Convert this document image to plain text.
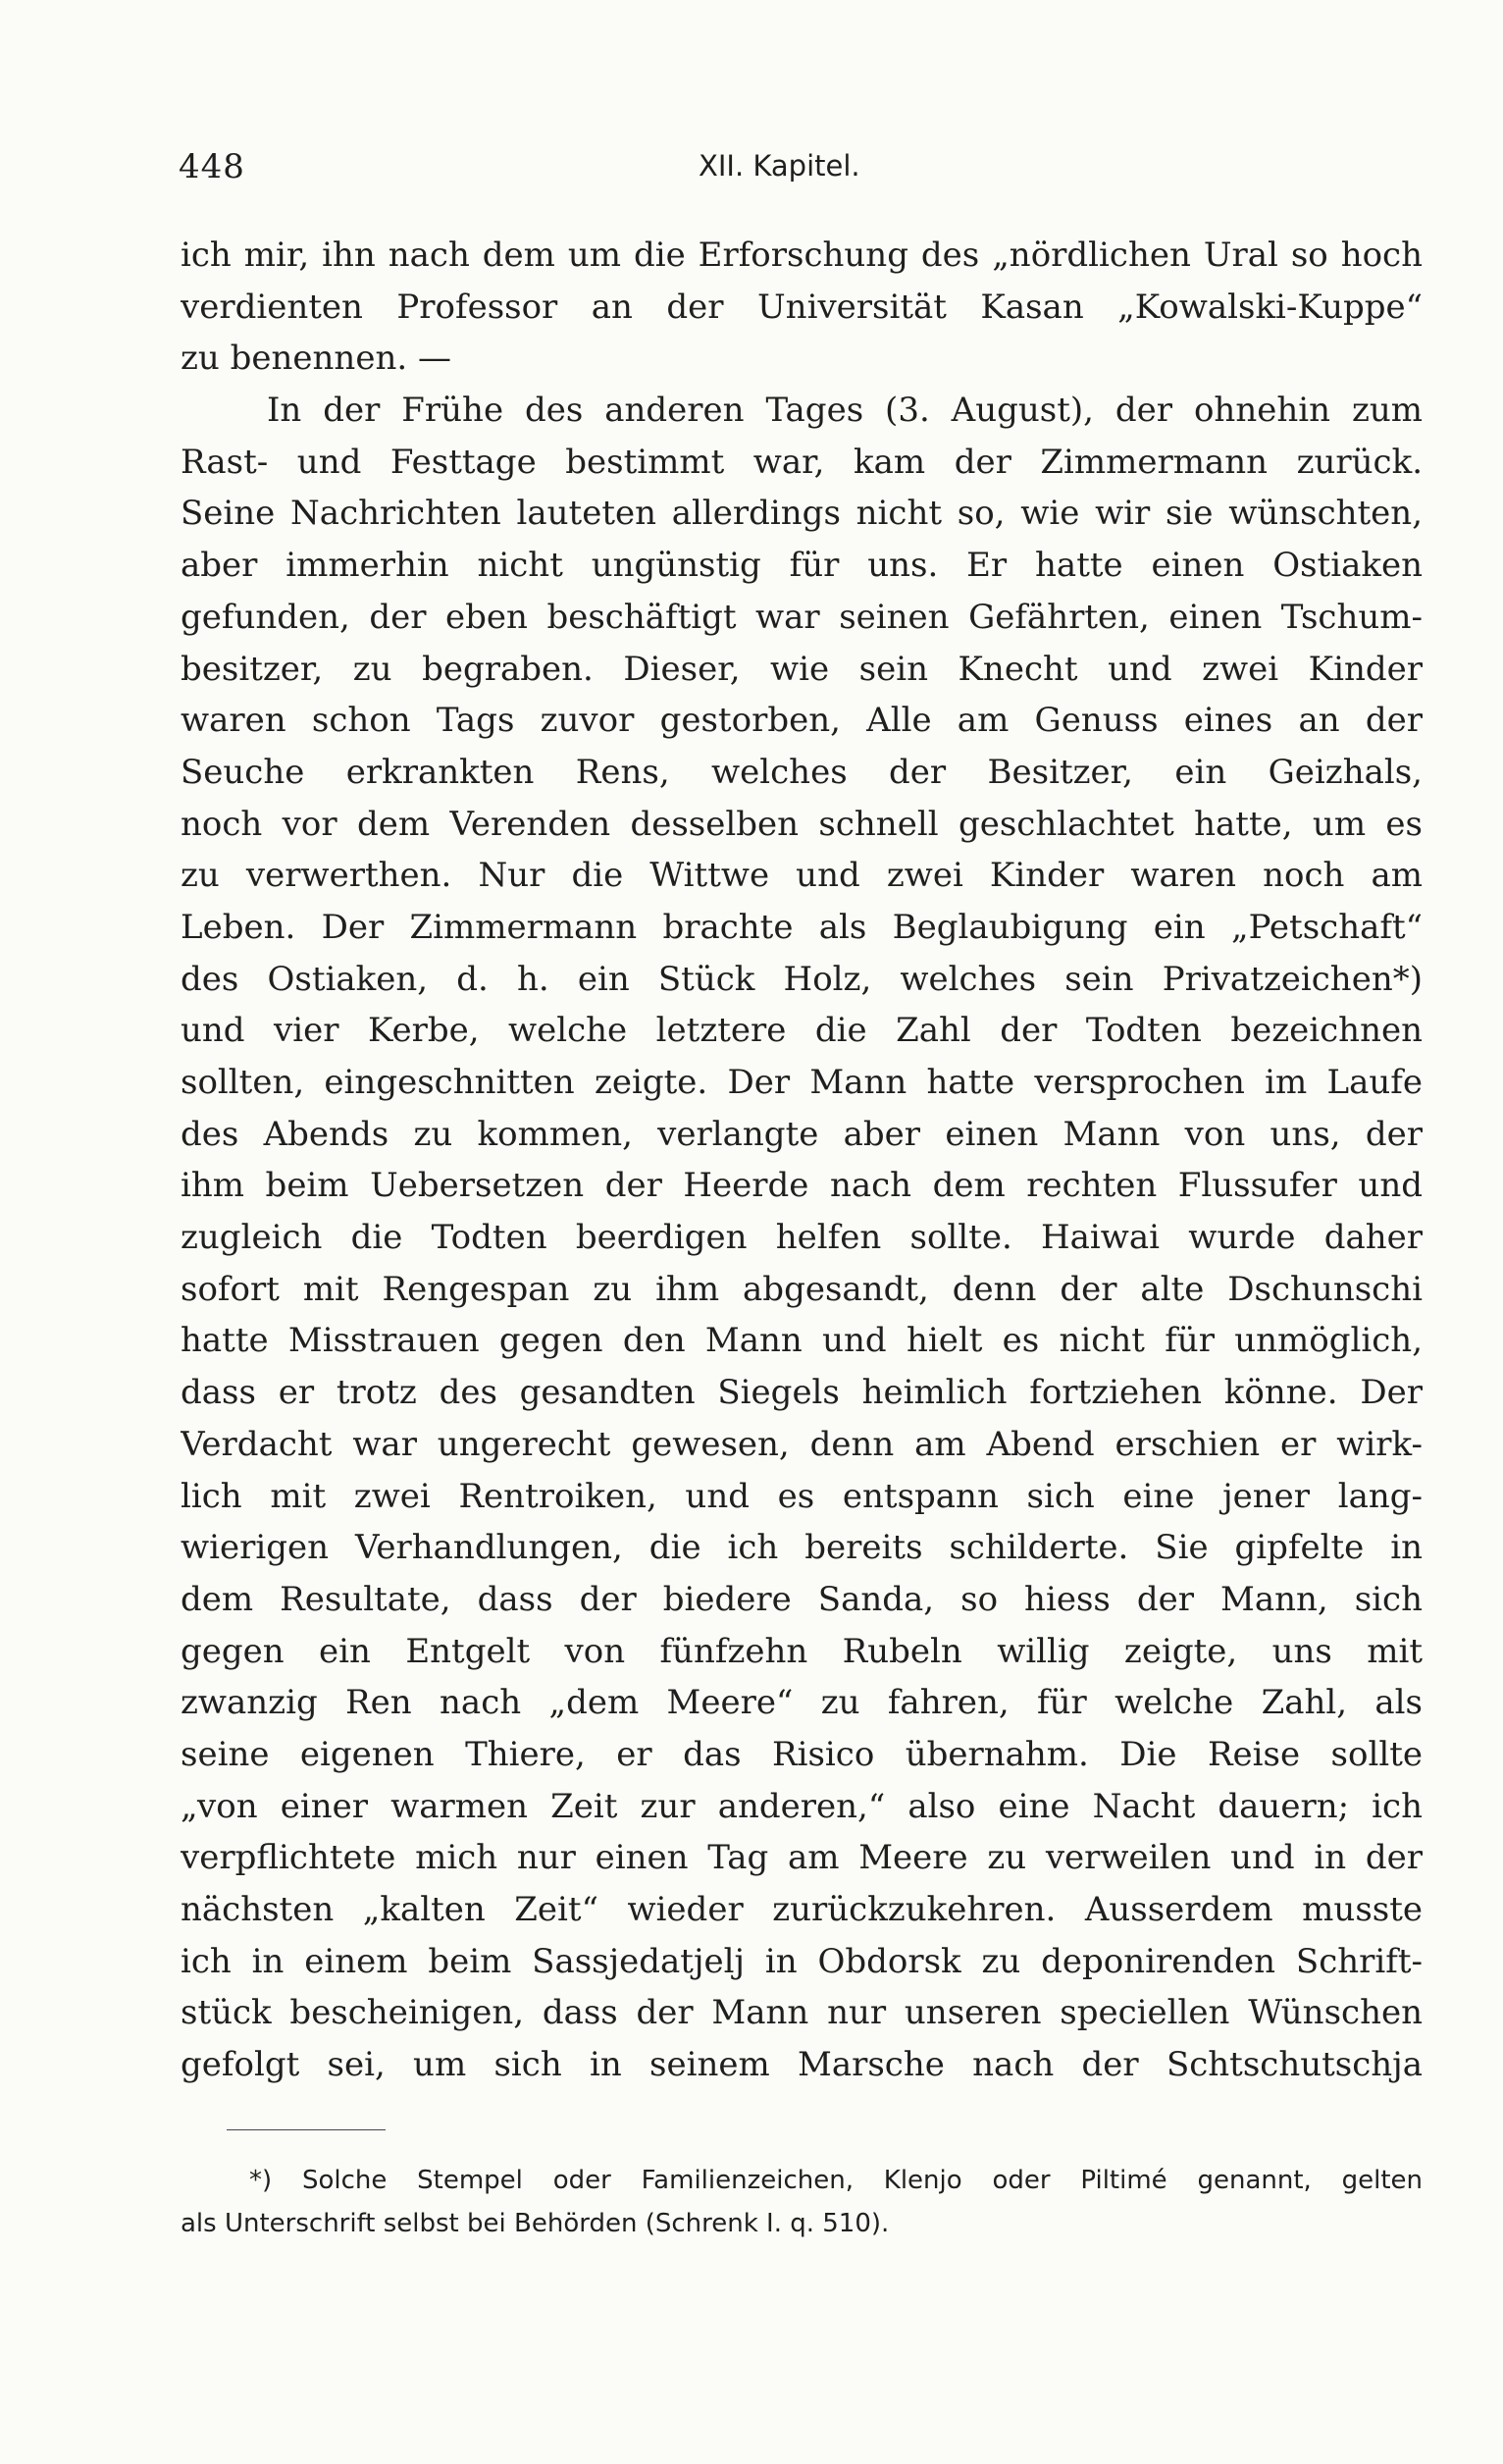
448	XII. Kapitel.
ich mir, ihn nach dem um die Erforschung des „nördlichen Ural so hoch
verdienten Professor an der Universität Kasan „Kowalski-Kuppe“
zu benennen. —
In der Frühe des anderen Tages (3. August), der ohnehin zum
Rast- und Festtage bestimmt war, kam der Zimmermann zurück.
Seine Nachrichten lauteten allerdings nicht so, wie wir sie wünschten,
aber immerhin nicht ungünstig für uns. Er hatte einen Ostiaken
gefunden, der eben beschäftigt war seinen Gefährten, einen Tschum-
besitzer, zu begraben. Dieser, wie sein Knecht und zwei Kinder
waren schon Tags zuvor gestorben, Alle am Genuss eines an der
Seuche erkrankten Rens, welches der Besitzer, ein Geizhals,
noch vor dem Verenden desselben schnell geschlachtet hatte, um es
zu verwerthen. Nur die Wittwe und zwei Kinder waren noch am
Leben. Der Zimmermann brachte als Beglaubigung ein „Petschaft“
des Ostiaken, d. h. ein Stück Holz, welches sein Privatzeichen*)
und vier Kerbe, welche letztere die Zahl der Todten bezeichnen
sollten, eingeschnitten zeigte. Der Mann hatte versprochen im Laufe
des Abends zu kommen, verlangte aber einen Mann von uns, der
ihm beim Uebersetzen der Heerde nach dem rechten Flussufer und
zugleich die Todten beerdigen helfen sollte. Haiwai wurde daher
sofort mit Rengespan zu ihm abgesandt, denn der alte Dschunschi
hatte Misstrauen gegen den Mann und hielt es nicht für unmöglich,
dass er trotz des gesandten Siegels heimlich fortziehen könne. Der
Verdacht war ungerecht gewesen, denn am Abend erschien er wirk-
lich mit zwei Rentroiken, und es entspann sich eine jener lang-
wierigen Verhandlungen, die ich bereits schilderte. Sie gipfelte in
dem Resultate, dass der biedere Sanda, so hiess der Mann, sich
gegen ein Entgelt von fünfzehn Rubeln willig zeigte, uns mit
zwanzig Ren nach „dem Meere“ zu fahren, für welche Zahl, als
seine eigenen Thiere, er das Risico übernahm. Die Reise sollte
„von einer warmen Zeit zur anderen,“ also eine Nacht dauern; ich
verpflichtete mich nur einen Tag am Meere zu verweilen und in der
nächsten „kalten Zeit“ wieder zurückzukehren. Ausserdem musste
ich in einem beim Sassjedatjelj in Obdorsk zu deponirenden Schrift-
stück bescheinigen, dass der Mann nur unseren speciellen Wünschen
gefolgt sei, um sich in seinem Marsche nach der Schtschutschja
*) Solche Stempel oder Familienzeichen, Klenjo oder Piltimé genannt, gelten
als Unterschrift selbst bei Behörden (Schrenk I. q. 510).
